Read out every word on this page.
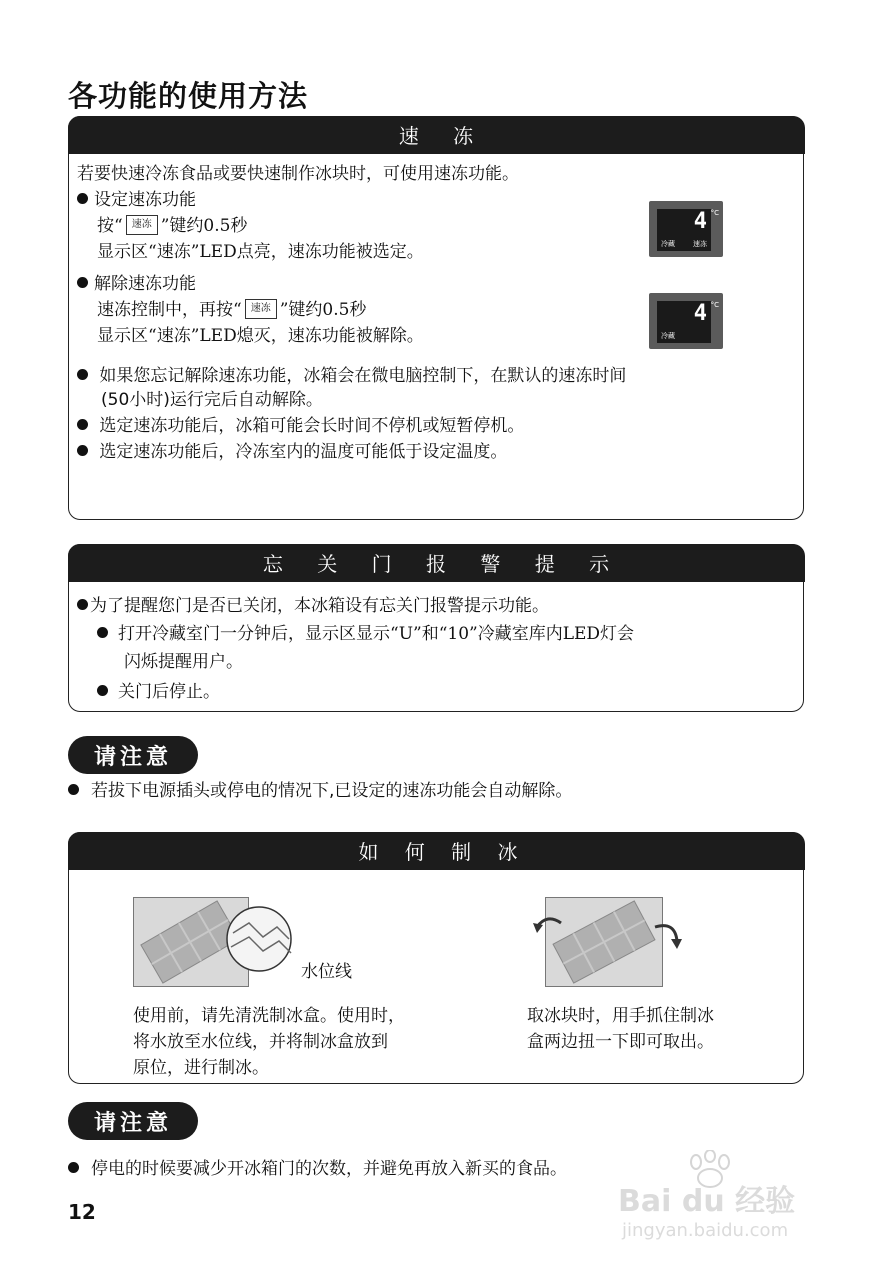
各功能的使用方法
速 冻
若要快速冷冻食品或要快速制作冰块时，可使用速冻功能。
设定速冻功能
按“ 速冻 ”键约0.5秒
显示区“速冻”LED点亮，速冻功能被选定。
4 °C
冷藏	速冻
解除速冻功能
速冻控制中，再按“ 速冻 ”键约0.5秒
显示区“速冻”LED熄灭，速冻功能被解除。
4 °C
冷藏
如果您忘记解除速冻功能，冰箱会在微电脑控制下，在默认的速冻时间
(50小时)运行完后自动解除。
选定速冻功能后，冰箱可能会长时间不停机或短暂停机。
选定速冻功能后，冷冻室内的温度可能低于设定温度。
忘 关 门 报 警 提 示
为了提醒您门是否已关闭，本冰箱设有忘关门报警提示功能。
打开冷藏室门一分钟后，显示区显示“U”和“10”冷藏室库内LED灯会
闪烁提醒用户。
关门后停止。
请注意
若拔下电源插头或停电的情况下,已设定的速冻功能会自动解除。
如 何 制 冰
水位线
使用前，请先清洗制冰盒。使用时，
将水放至水位线，并将制冰盒放到
原位，进行制冰。
取冰块时，用手抓住制冰
盒两边扭一下即可取出。
请注意
停电的时候要减少开冰箱门的次数，并避免再放入新买的食品。
12	Bai du 经验
jingyan.baidu.com
